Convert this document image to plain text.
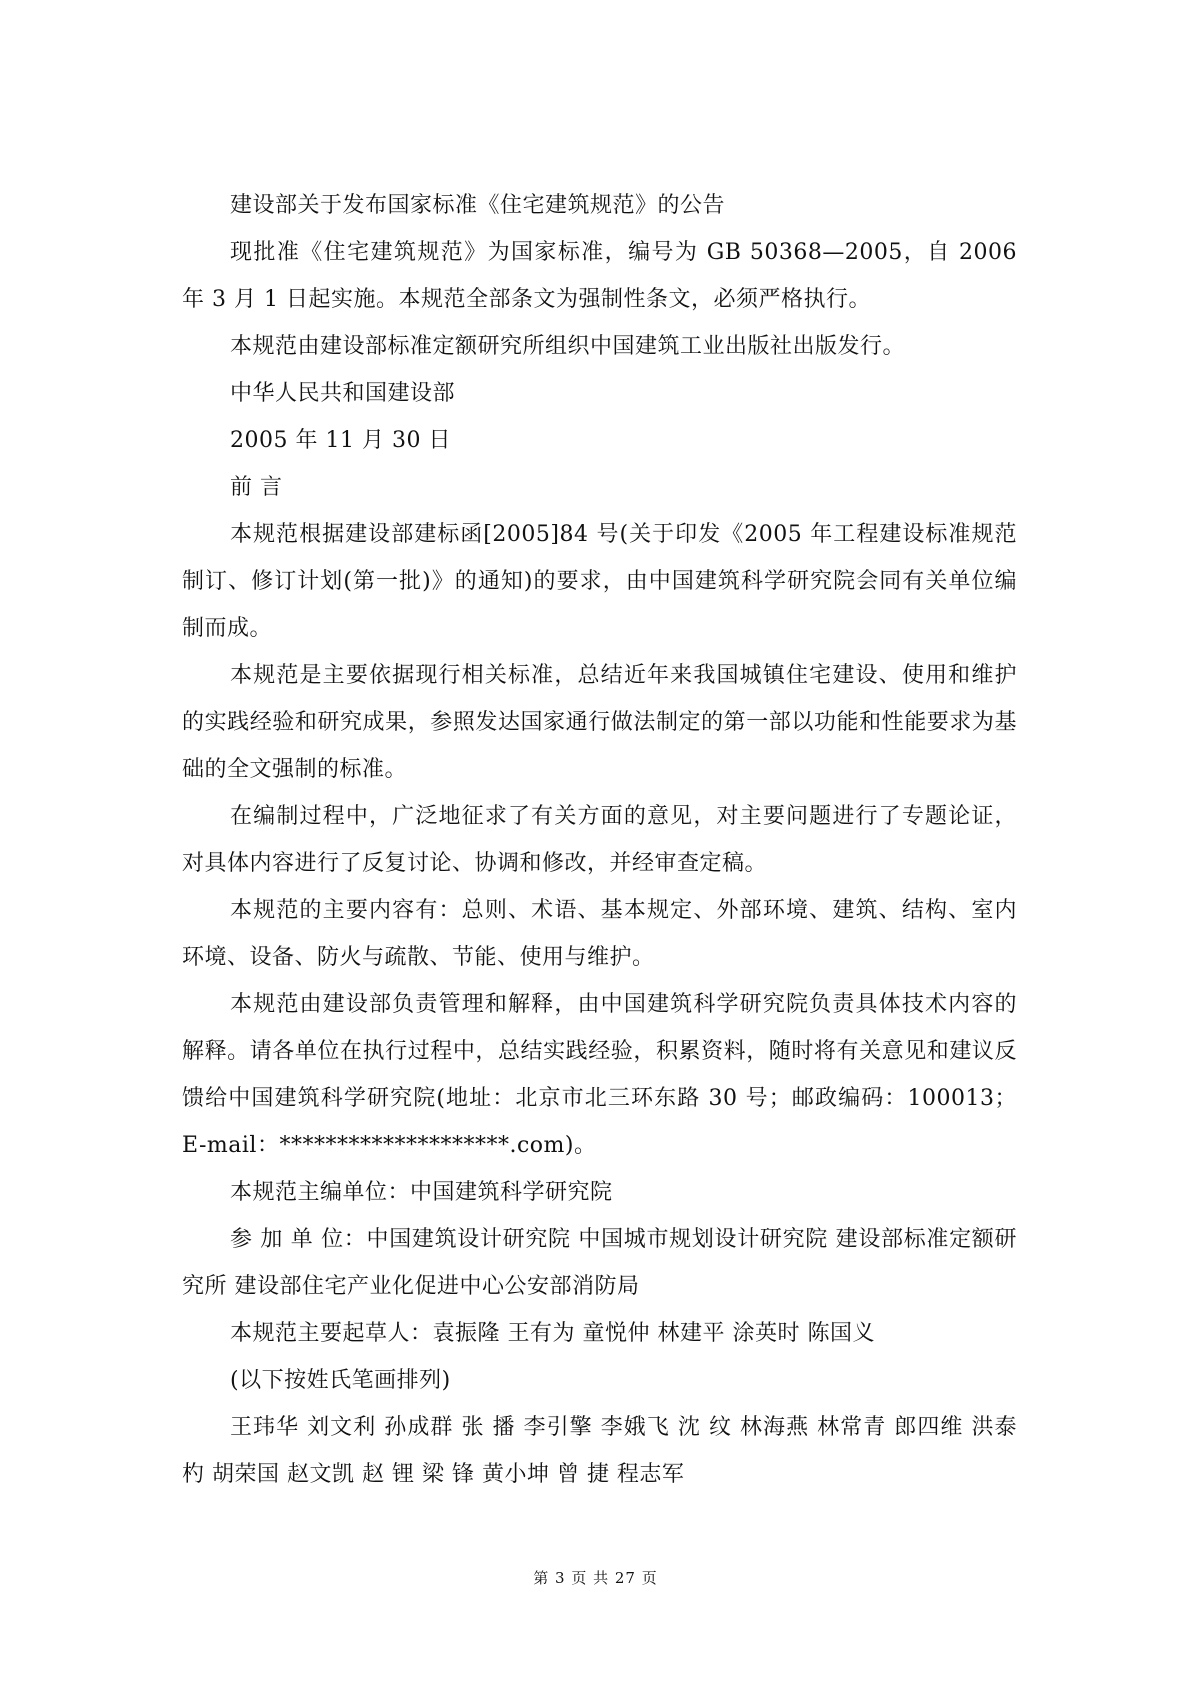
建设部关于发布国家标准《住宅建筑规范》的公告

现批准《住宅建筑规范》为国家标准，编号为 GB 50368—2005，自 2006 年 3 月 1 日起实施。本规范全部条文为强制性条文，必须严格执行。

本规范由建设部标准定额研究所组织中国建筑工业出版社出版发行。

中华人民共和国建设部

2005 年 11 月 30 日

前 言

本规范根据建设部建标函[2005]84 号(关于印发《2005 年工程建设标准规范制订、修订计划(第一批)》的通知)的要求，由中国建筑科学研究院会同有关单位编制而成。

本规范是主要依据现行相关标准，总结近年来我国城镇住宅建设、使用和维护的实践经验和研究成果，参照发达国家通行做法制定的第一部以功能和性能要求为基础的全文强制的标准。

在编制过程中，广泛地征求了有关方面的意见，对主要问题进行了专题论证，对具体内容进行了反复讨论、协调和修改，并经审查定稿。

本规范的主要内容有：总则、术语、基本规定、外部环境、建筑、结构、室内环境、设备、防火与疏散、节能、使用与维护。

本规范由建设部负责管理和解释，由中国建筑科学研究院负责具体技术内容的解释。请各单位在执行过程中，总结实践经验，积累资料，随时将有关意见和建议反馈给中国建筑科学研究院(地址：北京市北三环东路 30 号；邮政编码：100013；E-mail：********************.com)。

本规范主编单位：中国建筑科学研究院

参 加 单 位：中国建筑设计研究院 中国城市规划设计研究院 建设部标准定额研究所 建设部住宅产业化促进中心公安部消防局

本规范主要起草人：袁振隆 王有为 童悦仲 林建平 涂英时 陈国义

(以下按姓氏笔画排列)

王玮华 刘文利 孙成群 张 播 李引擎 李娥飞 沈 纹 林海燕 林常青 郎四维 洪泰杓 胡荣国 赵文凯 赵 锂 梁 锋 黄小坤 曾 捷 程志军

第 3 页 共 27 页
